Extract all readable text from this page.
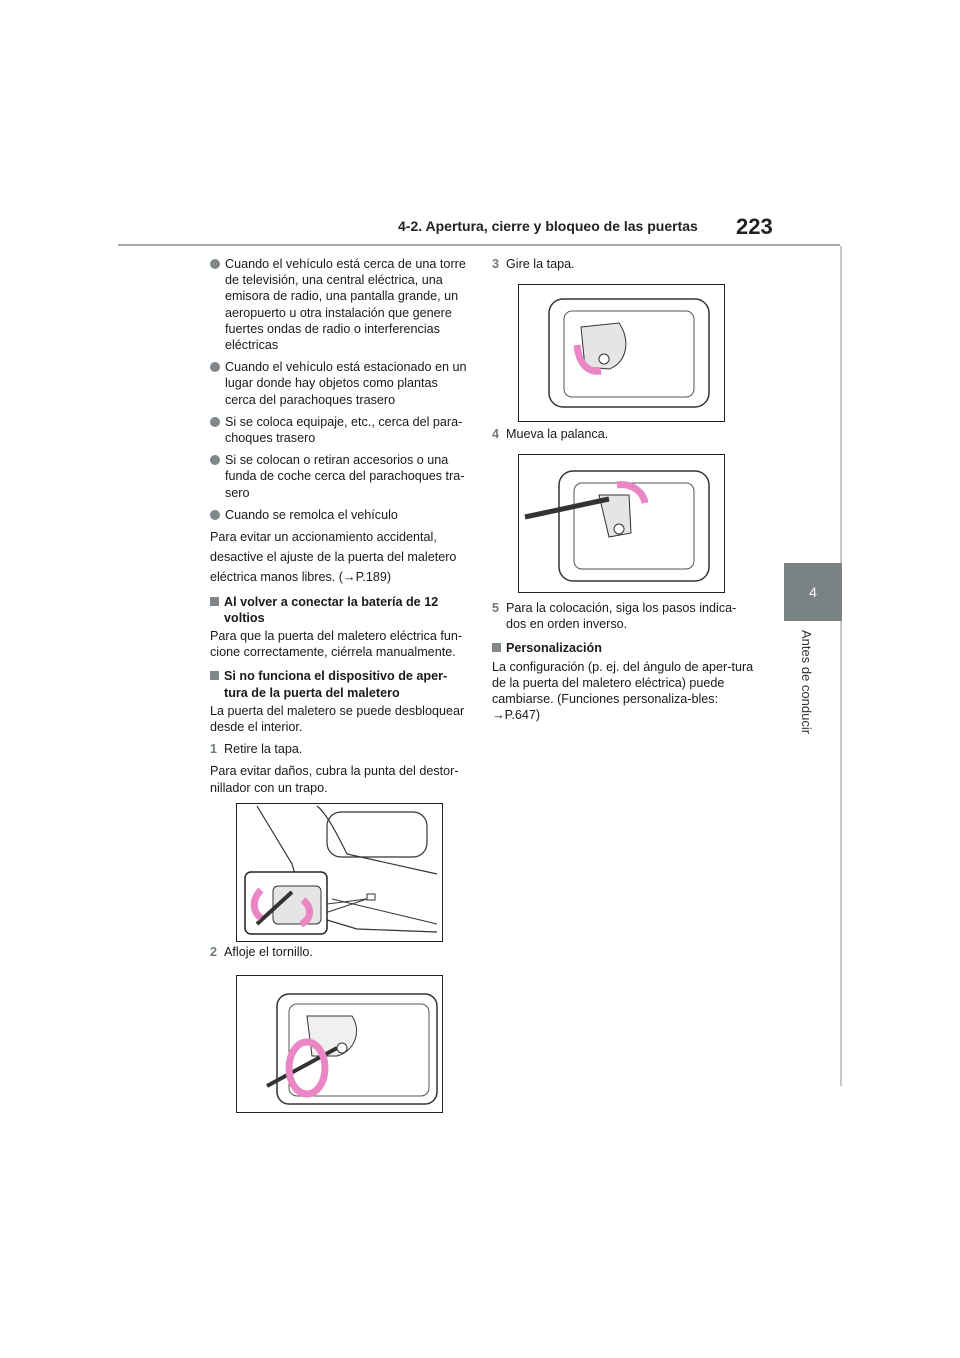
4-2. Apertura, cierre y bloqueo de las puertas 223
4
Antes de conducir
Cuando el vehículo está cerca de una torre de televisión, una central eléctrica, una emisora de radio, una pantalla grande, un aeropuerto u otra instalación que genere fuertes ondas de radio o interferencias eléctricas
Cuando el vehículo está estacionado en un lugar donde hay objetos como plantas cerca del parachoques trasero
Si se coloca equipaje, etc., cerca del para-choques trasero
Si se colocan o retiran accesorios o una funda de coche cerca del parachoques tra-sero
Cuando se remolca el vehículo
Para evitar un accionamiento accidental,
desactive el ajuste de la puerta del maletero
eléctrica manos libres. (→P.189)
Al volver a conectar la batería de 12 voltios
Para que la puerta del maletero eléctrica fun-cione correctamente, ciérrela manualmente.
Si no funciona el dispositivo de aper-tura de la puerta del maletero
La puerta del maletero se puede desbloquear desde el interior.
1 Retire la tapa.
Para evitar daños, cubra la punta del destor-nillador con un trapo.
2 Afloje el tornillo.
3 Gire la tapa.
4 Mueva la palanca.
5 Para la colocación, siga los pasos indica-dos en orden inverso.
Personalización
La configuración (p. ej. del ángulo de aper-tura de la puerta del maletero eléctrica) puede cambiarse. (Funciones personaliza-bles: →P.647)
